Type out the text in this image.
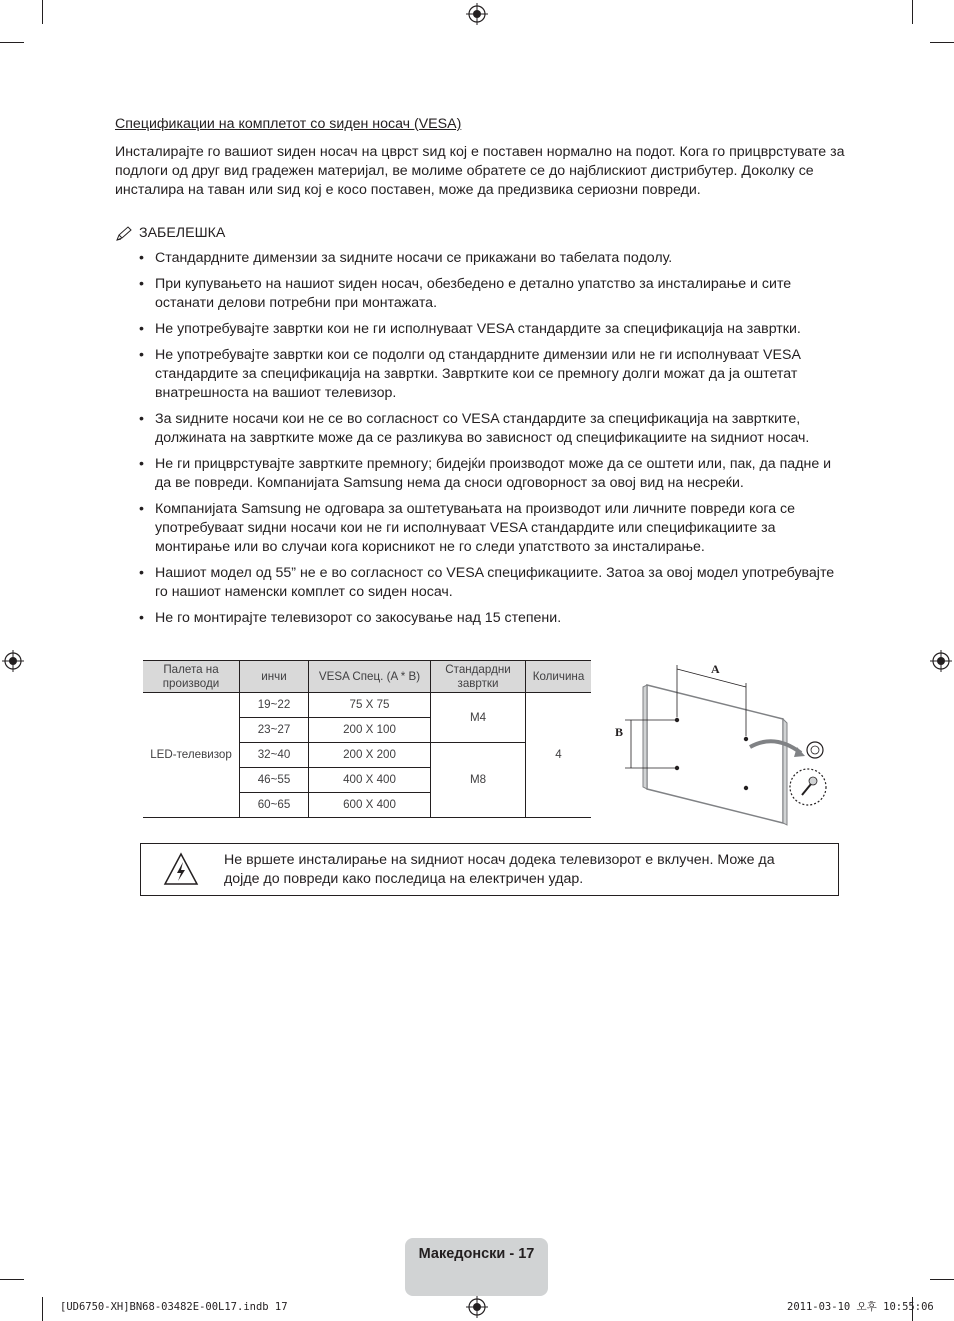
Спецификации на комплетот со ѕиден носач (VESA)
Инсталирајте го вашиот ѕиден носач на цврст ѕид кој е поставен нормално на подот. Кога го прицврстувате за подлоги од друг вид градежен материјал, ве молиме обратете се до најблискиот дистрибутер. Доколку се инсталира на таван или ѕид кој е косо поставен, може да предизвика сериозни повреди.
ЗАБЕЛЕШКА
• Стандардните димензии за ѕидните носачи се прикажани во табелата подолу.
• При купувањето на нашиот ѕиден носач, обезбедено е детално упатство за инсталирање и сите останати делови потребни при монтажата.
• Не употребувајте завртки кои не ги исполнуваат VESA стандардите за спецификација на завртки.
• Не употребувајте завртки кои се подолги од стандардните димензии или не ги исполнуваат VESA стандардите за спецификација на завртки. Завртките кои се премногу долги можат да ја оштетат внатрешноста на вашиот телевизор.
• За ѕидните носачи кои не се во согласност со VESA стандардите за спецификација на завртките, должината на завртките може да се разликува во зависност од спецификациите на ѕидниот носач.
• Не ги прицврстувајте завртките премногу; бидејќи производот може да се оштети или, пак, да падне и да ве повреди. Компанијата Samsung нема да сноси одговорност за овој вид на несреќи.
• Компанијата Samsung не одговара за оштетувањата на производот или личните повреди кога се употребуваат ѕидни носачи кои не ги исполнуваат VESA стандардите или спецификациите за монтирање или во случаи кога корисникот не го следи упатството за инсталирање.
• Нашиот модел од 55” не е во согласност со VESA спецификациите. Затоа за овој модел употребувајте го нашиот наменски комплет со ѕиден носач.
• Не го монтирајте телевизорот со закосување над 15 степени.
Палета на производи	инчи	VESA Спец. (A * B)	Стандардни завртки	Количина
LED-телевизор	19~22	75 X 75	M4	4
	23~27	200 X 100		
	32~40	200 X 200	M8	
	46~55	400 X 400		
	60~65	600 X 400		
A
B
Не вршете инсталирање на ѕидниот носач додека телевизорот е вклучен. Може да дојде до повреди како последица на електричен удар.
Македонски - 17
[UD6750-XH]BN68-03482E-00L17.indb 17	2011-03-10 오후 10:55:06
